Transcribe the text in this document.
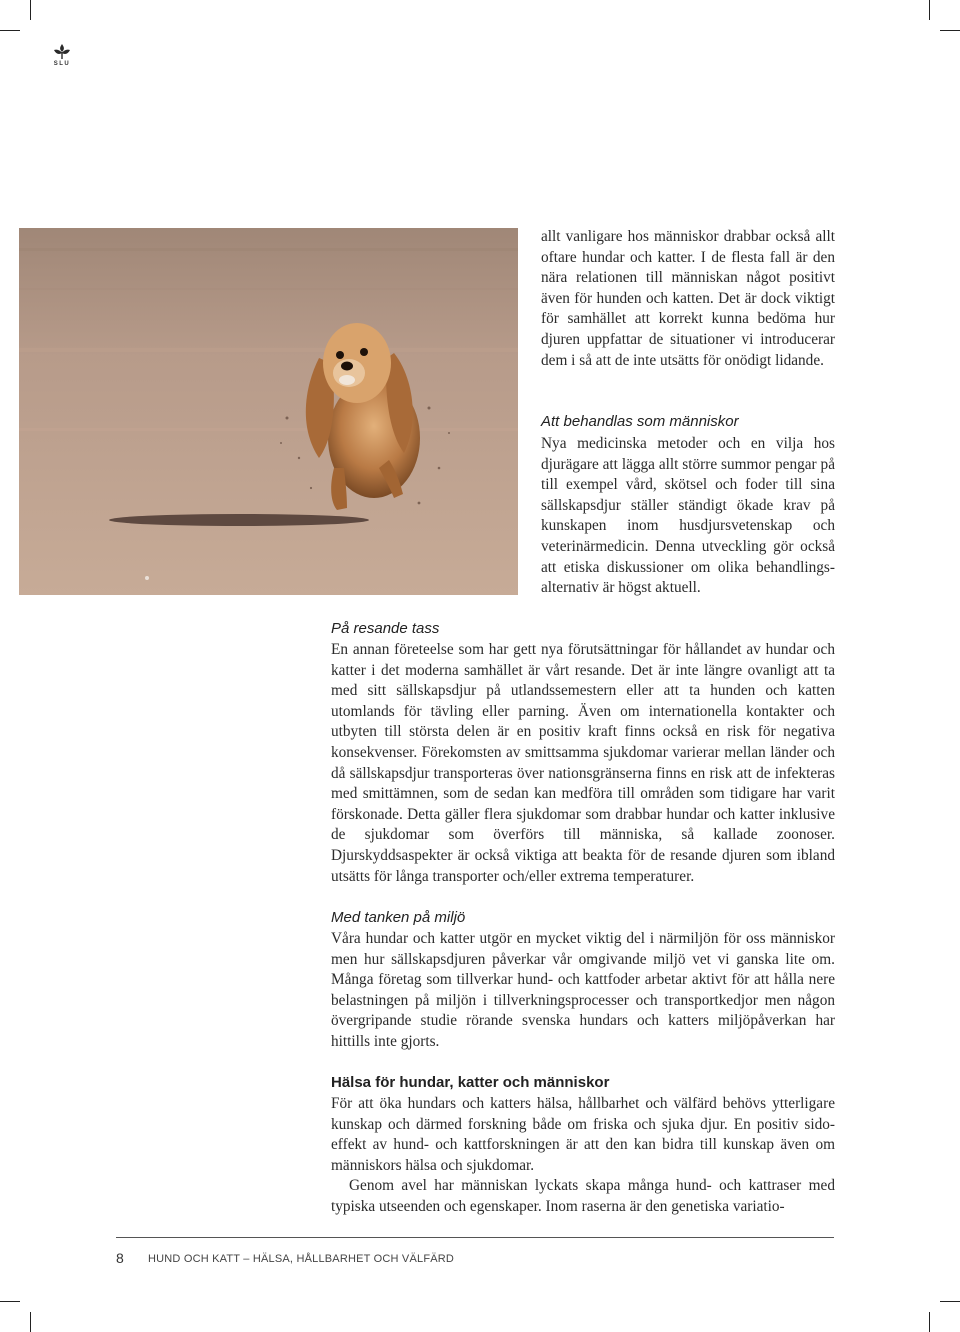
SLU

allt vanligare hos människor drabbar också allt oftare hundar och katter. I de flesta fall är den nära relationen till människan något positivt även för hunden och katten. Det är dock viktigt för samhället att korrekt kunna bedöma hur djuren uppfattar de situationer vi introducerar dem i så att de inte utsätts för onödigt lidande.

Att behandlas som människor

Nya medicinska metoder och en vilja hos djurägare att lägga allt större summor pengar på till exempel vård, skötsel och foder till sina sällskapsdjur ställer ständigt ökade krav på kunskapen inom husdjursvetenskap och veterinärmedicin. Denna utveckling gör också att etiska diskussioner om olika behandlingsalternativ är högst aktuell.

På resande tass

En annan företeelse som har gett nya förutsättningar för hållandet av hundar och katter i det moderna samhället är vårt resande. Det är inte längre ovanligt att ta med sitt sällskapsdjur på utlandssemestern eller att ta hunden och katten utomlands för tävling eller parning. Även om internationella kontakter och utbyten till största delen är en positiv kraft finns också en risk för negativa konsekvenser. Förekomsten av smittsamma sjukdomar varierar mellan länder och då sällskapsdjur transporteras över nationsgränserna finns en risk att de infekteras med smittämnen, som de sedan kan medföra till områden som tidigare har varit förskonade. Detta gäller flera sjukdomar som drabbar hundar och katter inklusive de sjukdomar som överförs till människa, så kallade zoonoser. Djurskyddsaspekter är också viktiga att beakta för de resande djuren som ibland utsätts för långa transporter och/eller extrema temperaturer.

Med tanken på miljö

Våra hundar och katter utgör en mycket viktig del i närmiljön för oss människor men hur sällskapsdjuren påverkar vår omgivande miljö vet vi ganska lite om. Många företag som tillverkar hund- och kattfoder arbetar aktivt för att hålla nere belastningen på miljön i tillverkningsprocesser och transportkedjor men någon övergripande studie rörande svenska hundars och katters miljöpåverkan har hittills inte gjorts.

Hälsa för hundar, katter och människor

För att öka hundars och katters hälsa, hållbarhet och välfärd behövs ytterligare kunskap och därmed forskning både om friska och sjuka djur. En positiv sidoeffekt av hund- och kattforskningen är att den kan bidra till kunskap även om människors hälsa och sjukdomar.

Genom avel har människan lyckats skapa många hund- och kattraser med typiska utseenden och egenskaper. Inom raserna är den genetiska variatio-

8 HUND OCH KATT – HÄLSA, HÅLLBARHET OCH VÄLFÄRD
